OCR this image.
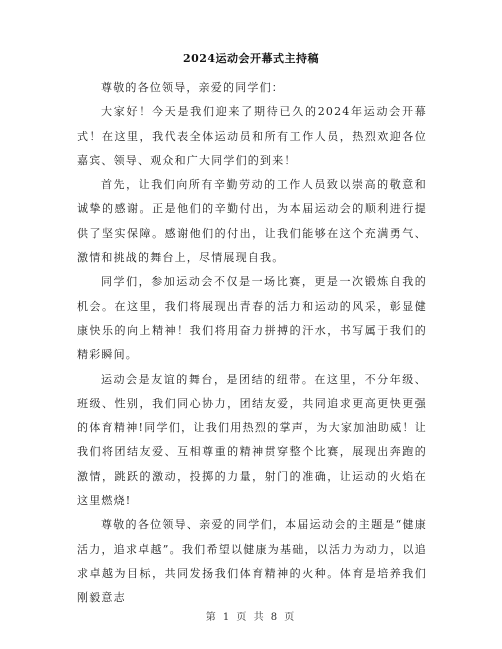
2024运动会开幕式主持稿

尊敬的各位领导，亲爱的同学们：

大家好！今天是我们迎来了期待已久的2024年运动会开幕式！在这里，我代表全体运动员和所有工作人员，热烈欢迎各位嘉宾、领导、观众和广大同学们的到来！

首先，让我们向所有辛勤劳动的工作人员致以崇高的敬意和诚挚的感谢。正是他们的辛勤付出，为本届运动会的顺利进行提供了坚实保障。感谢他们的付出，让我们能够在这个充满勇气、激情和挑战的舞台上，尽情展现自我。

同学们，参加运动会不仅是一场比赛，更是一次锻炼自我的机会。在这里，我们将展现出青春的活力和运动的风采，彰显健康快乐的向上精神！我们将用奋力拼搏的汗水，书写属于我们的精彩瞬间。

运动会是友谊的舞台，是团结的纽带。在这里，不分年级、班级、性别，我们同心协力，团结友爱，共同追求更高更快更强的体育精神!同学们，让我们用热烈的掌声，为大家加油助威！让我们将团结友爱、互相尊重的精神贯穿整个比赛，展现出奔跑的激情，跳跃的激动，投掷的力量，射门的准确，让运动的火焰在这里燃烧!

尊敬的各位领导、亲爱的同学们，本届运动会的主题是“健康活力，追求卓越”。我们希望以健康为基础，以活力为动力，以追求卓越为目标，共同发扬我们体育精神的火种。体育是培养我们刚毅意志

第 1 页 共 8 页
